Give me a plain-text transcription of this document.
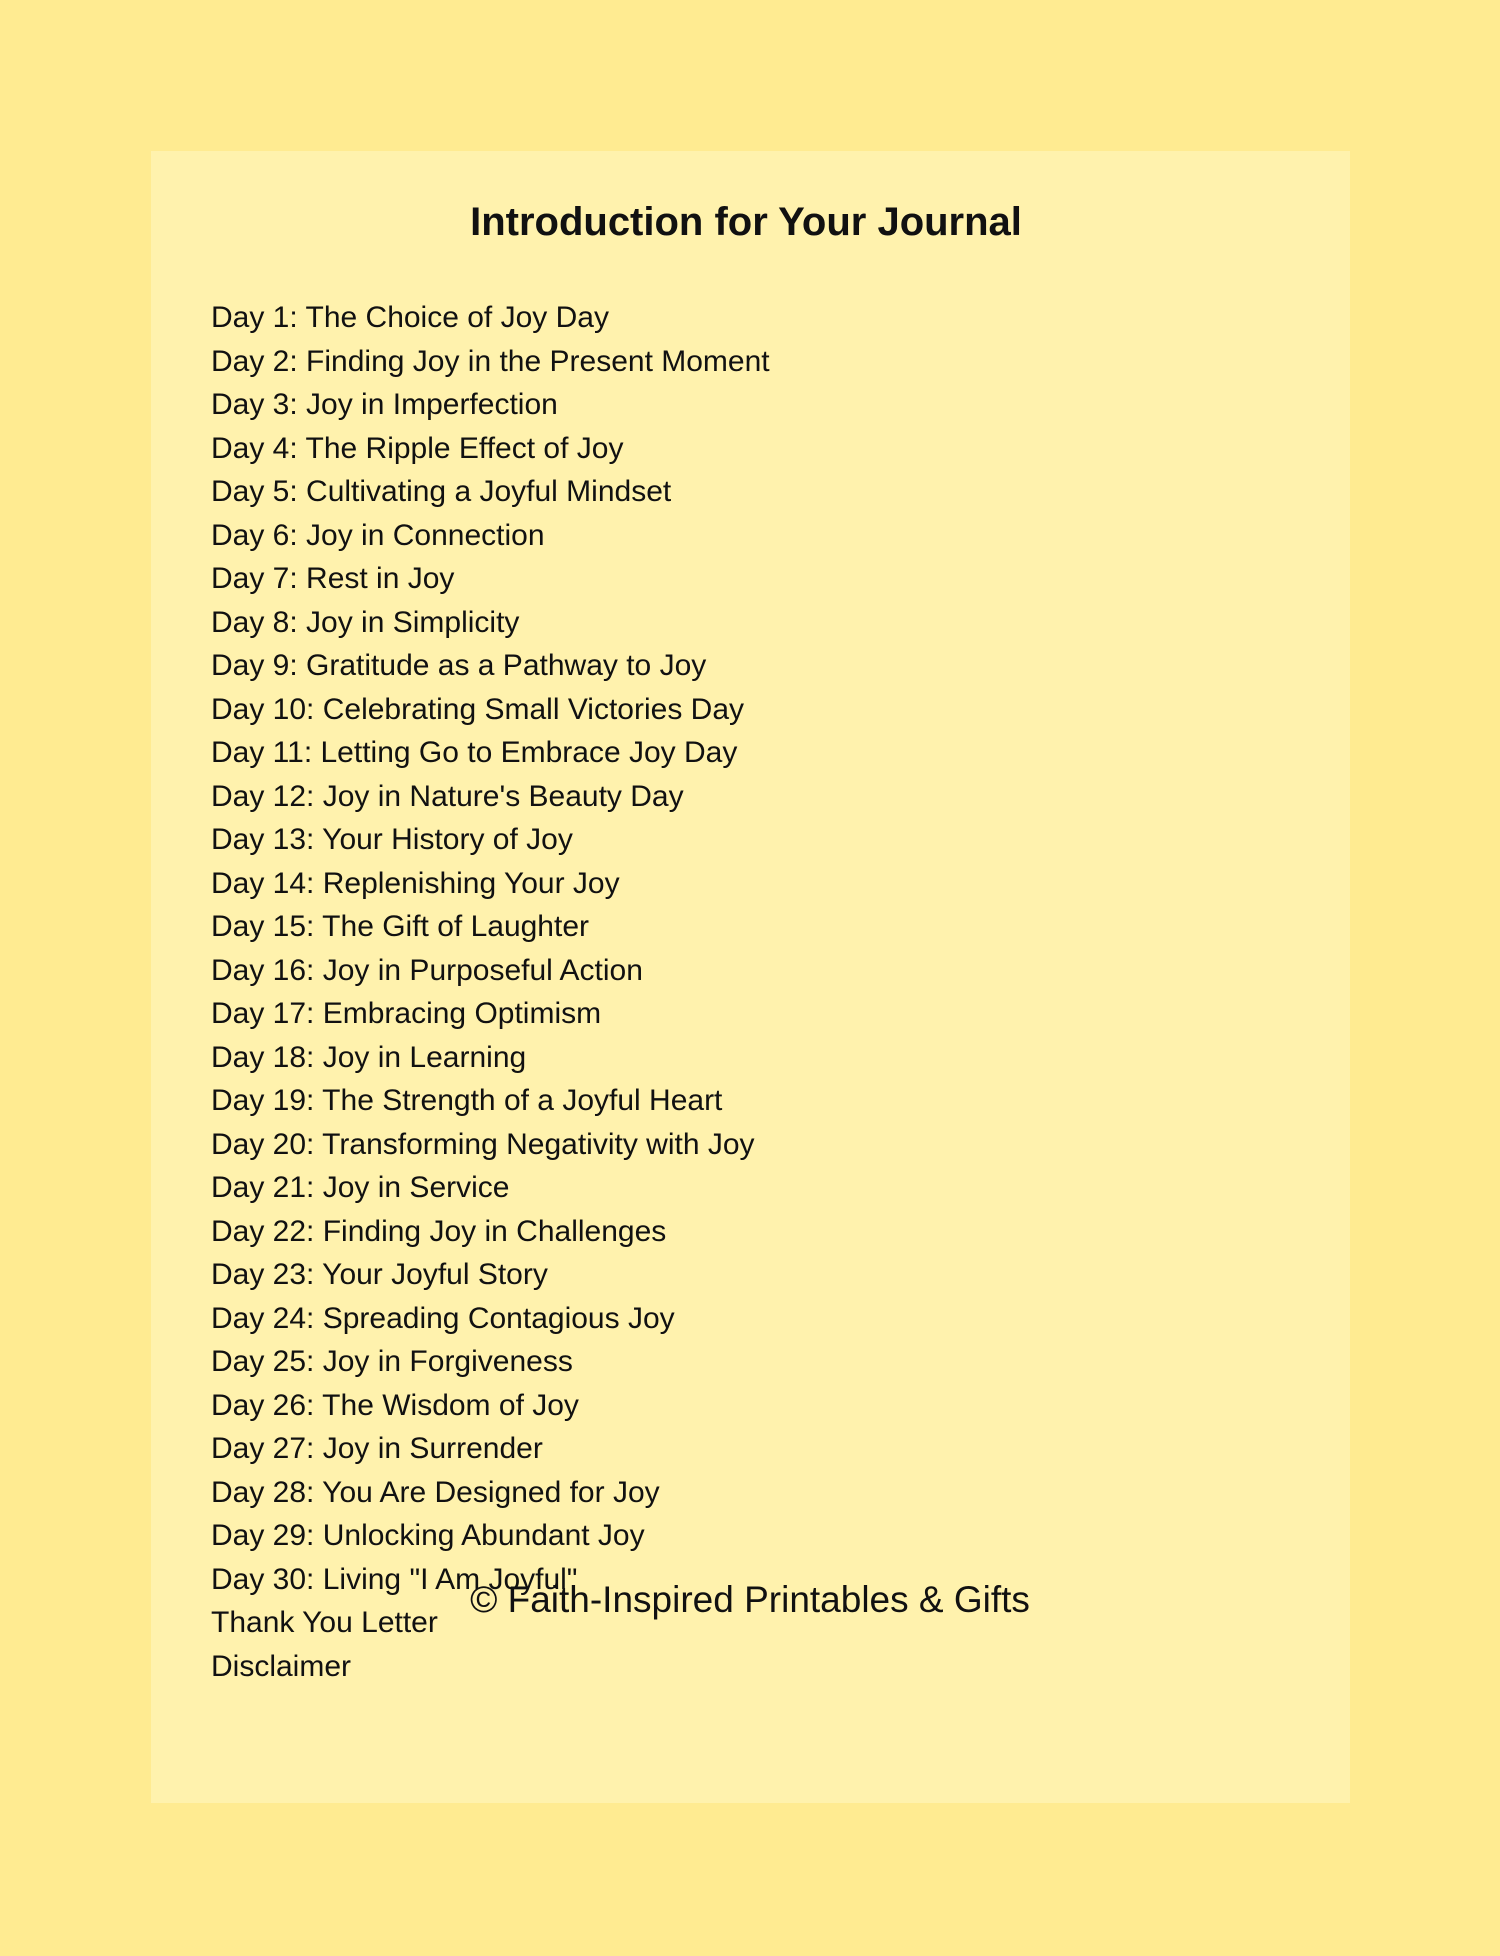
Introduction for Your Journal
Day 1: The Choice of Joy Day
Day 2: Finding Joy in the Present Moment
Day 3: Joy in Imperfection
Day 4: The Ripple Effect of Joy
Day 5: Cultivating a Joyful Mindset
Day 6: Joy in Connection
Day 7: Rest in Joy
Day 8: Joy in Simplicity
Day 9: Gratitude as a Pathway to Joy
Day 10: Celebrating Small Victories Day
Day 11: Letting Go to Embrace Joy Day
Day 12: Joy in Nature's Beauty Day
Day 13: Your History of Joy
Day 14: Replenishing Your Joy
Day 15: The Gift of Laughter
Day 16: Joy in Purposeful Action
Day 17: Embracing Optimism
Day 18: Joy in Learning
Day 19: The Strength of a Joyful Heart
Day 20: Transforming Negativity with Joy
Day 21: Joy in Service
Day 22: Finding Joy in Challenges
Day 23: Your Joyful Story
Day 24: Spreading Contagious Joy
Day 25: Joy in Forgiveness
Day 26: The Wisdom of Joy
Day 27: Joy in Surrender
Day 28: You Are Designed for Joy
Day 29: Unlocking Abundant Joy
Day 30: Living "I Am Joyful"
Thank You Letter
Disclaimer
© Faith-Inspired Printables & Gifts
